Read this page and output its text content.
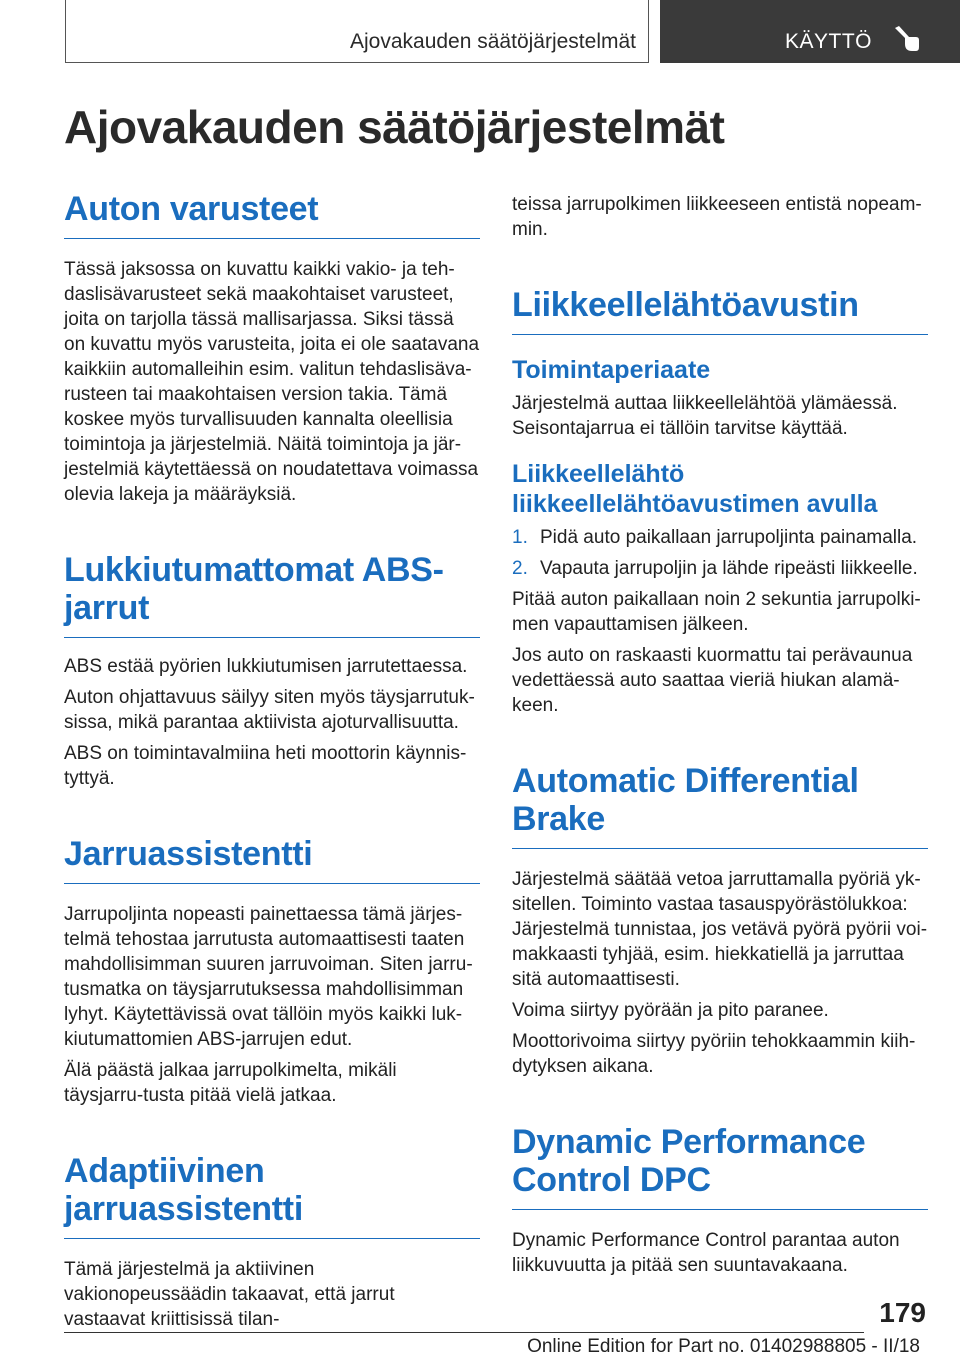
Ajovakauden säätöjärjestelmät	KÄYTTÖ
Ajovakauden säätöjärjestelmät
Auton varusteet

Tässä jaksossa on kuvattu kaikki vakio- ja teh-daslisävarusteet sekä maakohtaiset varusteet, joita on tarjolla tässä mallisarjassa. Siksi tässä on kuvattu myös varusteita, joita ei ole saatavana kaikkiin automalleihin esim. valitun tehdaslisäva-rusteen tai maakohtaisen version takia. Tämä koskee myös turvallisuuden kannalta oleellisia toimintoja ja järjestelmiä. Näitä toimintoja ja jär-jestelmiä käytettäessä on noudatettava voimassa olevia lakeja ja määräyksiä.

Lukkiutumattomat ABS-jarrut

ABS estää pyörien lukkiutumisen jarrutettaessa.

Auton ohjattavuus säilyy siten myös täysjarrutuk-sissa, mikä parantaa aktiivista ajoturvallisuutta.

ABS on toimintavalmiina heti moottorin käynnis-tyttyä.

Jarruassistentti

Jarrupoljinta nopeasti painettaessa tämä järjes-telmä tehostaa jarrutusta automaattisesti taaten mahdollisimman suuren jarruvoiman. Siten jarru-tusmatka on täysjarrutuksessa mahdollisimman lyhyt. Käytettävissä ovat tällöin myös kaikki luk-kiutumattomien ABS-jarrujen edut.

Älä päästä jalkaa jarrupolkimelta, mikäli täysjarru-tusta pitää vielä jatkaa.

Adaptiivinen jarruassistentti

Tämä järjestelmä ja aktiivinen vakionopeussäädin takaavat, että jarrut vastaavat kriittisissä tilan-

teissa jarrupolkimen liikkeeseen entistä nopeam-min.

Liikkeellelähtöavustin
Toimintaperiaate

Järjestelmä auttaa liikkeellelähtöä ylämäessä. Seisontajarrua ei tällöin tarvitse käyttää.

Liikkeellelähtö liikkeellelähtöavustimen avulla
1. Pidä auto paikallaan jarrupoljinta painamalla.
2. Vapauta jarrupoljin ja lähde ripeästi liikkeelle.

Pitää auton paikallaan noin 2 sekuntia jarrupolki-men vapauttamisen jälkeen.

Jos auto on raskaasti kuormattu tai perävaunua vedettäessä auto saattaa vieriä hiukan alamä-keen.

Automatic Differential Brake

Järjestelmä säätää vetoa jarruttamalla pyöriä yk-sitellen. Toiminto vastaa tasauspyörästölukkoa: Järjestelmä tunnistaa, jos vetävä pyörä pyörii voi-makkaasti tyhjää, esim. hiekkatiellä ja jarruttaa sitä automaattisesti.

Voima siirtyy pyörään ja pito paranee.

Moottorivoima siirtyy pyöriin tehokkaammin kiih-dytyksen aikana.

Dynamic Performance Control DPC

Dynamic Performance Control parantaa auton liikkuvuutta ja pitää sen suuntavakaana.

179
Online Edition for Part no. 01402988805 - II/18
